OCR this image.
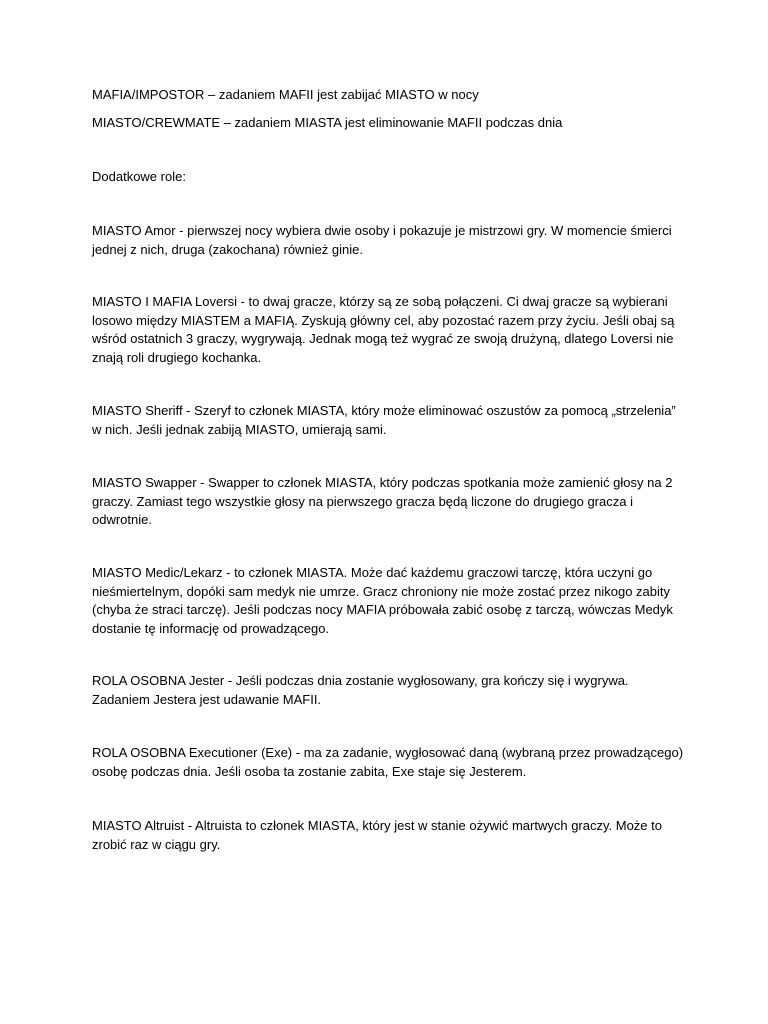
MAFIA/IMPOSTOR – zadaniem MAFII jest zabijać MIASTO w nocy

MIASTO/CREWMATE – zadaniem MIASTA jest eliminowanie MAFII podczas dnia

Dodatkowe role:

MIASTO Amor - pierwszej nocy wybiera dwie osoby i pokazuje je mistrzowi gry. W momencie śmierci jednej z nich, druga (zakochana) również ginie.

MIASTO I MAFIA Loversi - to dwaj gracze, którzy są ze sobą połączeni. Ci dwaj gracze są wybierani losowo między MIASTEM a MAFIĄ. Zyskują główny cel, aby pozostać razem przy życiu. Jeśli obaj są wśród ostatnich 3 graczy, wygrywają. Jednak mogą też wygrać ze swoją drużyną, dlatego Loversi nie znają roli drugiego kochanka.

MIASTO Sheriff - Szeryf to członek MIASTA, który może eliminować oszustów za pomocą „strzelenia” w nich. Jeśli jednak zabiją MIASTO, umierają sami.

MIASTO Swapper - Swapper to członek MIASTA, który podczas spotkania może zamienić głosy na 2 graczy. Zamiast tego wszystkie głosy na pierwszego gracza będą liczone do drugiego gracza i odwrotnie.

MIASTO Medic/Lekarz - to członek MIASTA. Może dać każdemu graczowi tarczę, która uczyni go nieśmiertelnym, dopóki sam medyk nie umrze. Gracz chroniony nie może zostać przez nikogo zabity (chyba że straci tarczę). Jeśli podczas nocy MAFIA próbowała zabić osobę z tarczą, wówczas Medyk dostanie tę informację od prowadzącego.

ROLA OSOBNA Jester - Jeśli podczas dnia zostanie wygłosowany, gra kończy się i wygrywa. Zadaniem Jestera jest udawanie MAFII.

ROLA OSOBNA Executioner (Exe) - ma za zadanie, wygłosować daną (wybraną przez prowadzącego) osobę podczas dnia. Jeśli osoba ta zostanie zabita, Exe staje się Jesterem.

MIASTO Altruist - Altruista to członek MIASTA, który jest w stanie ożywić martwych graczy. Może to zrobić raz w ciągu gry.
